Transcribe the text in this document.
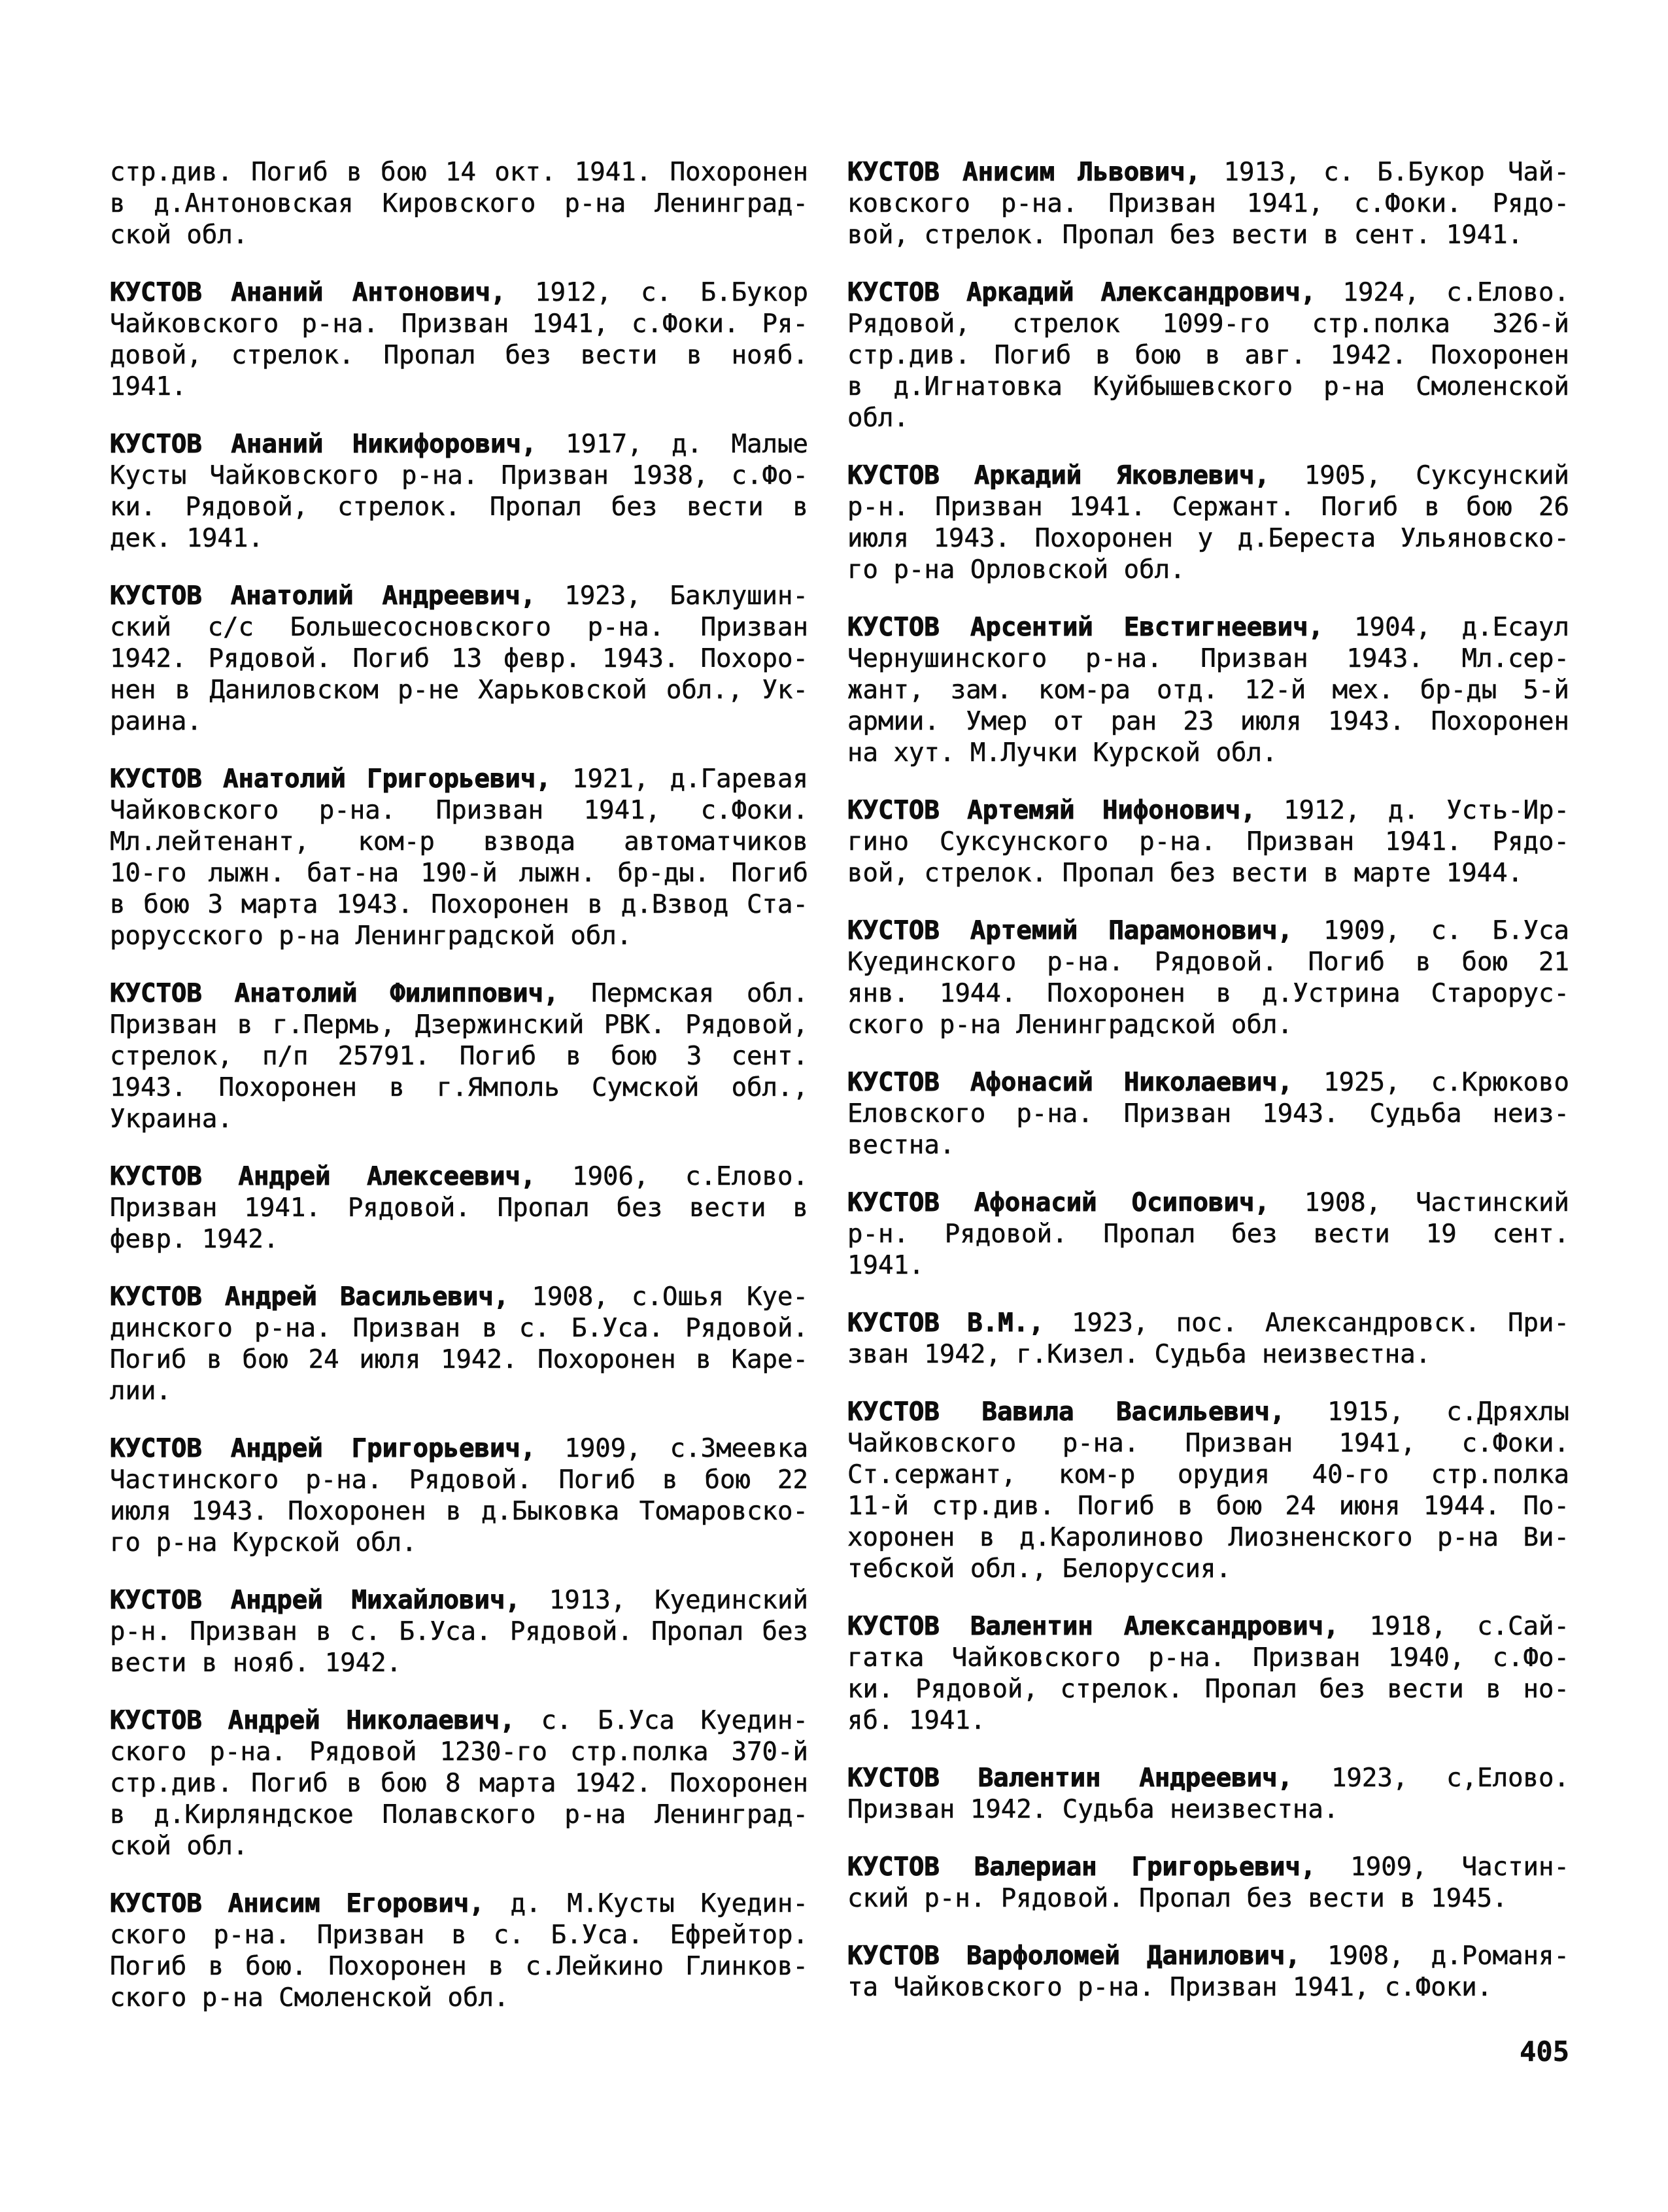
стр.див. Погиб в бою 14 окт. 1941. Похоронен
в д.Антоновская Кировского р-на Ленинград-
ской обл.

КУСТОВ Ананий Антонович, 1912, с. Б.Букор
Чайковского р-на. Призван 1941, с.Фоки. Ря-
довой, стрелок. Пропал без вести в нояб.
1941.

КУСТОВ Ананий Никифорович, 1917, д. Малые
Кусты Чайковского р-на. Призван 1938, с.Фо-
ки. Рядовой, стрелок. Пропал без вести в
дек. 1941.

КУСТОВ Анатолий Андреевич, 1923, Баклушин-
ский с/с Большесосновского р-на. Призван
1942. Рядовой. Погиб 13 февр. 1943. Похоро-
нен в Даниловском р-не Харьковской обл., Ук-
раина.

КУСТОВ Анатолий Григорьевич, 1921, д.Гаревая
Чайковского р-на. Призван 1941, с.Фоки.
Мл.лейтенант, ком-р взвода автоматчиков
10-го лыжн. бат-на 190-й лыжн. бр-ды. Погиб
в бою 3 марта 1943. Похоронен в д.Взвод Ста-
рорусского р-на Ленинградской обл.

КУСТОВ Анатолий Филиппович, Пермская обл.
Призван в г.Пермь, Дзержинский РВК. Рядовой,
стрелок, п/п 25791. Погиб в бою 3 сент.
1943. Похоронен в г.Ямполь Сумской обл.,
Украина.

КУСТОВ Андрей Алексеевич, 1906, с.Елово.
Призван 1941. Рядовой. Пропал без вести в
февр. 1942.

КУСТОВ Андрей Васильевич, 1908, с.Ошья Куе-
динского р-на. Призван в с. Б.Уса. Рядовой.
Погиб в бою 24 июля 1942. Похоронен в Каре-
лии.

КУСТОВ Андрей Григорьевич, 1909, с.Змеевка
Частинского р-на. Рядовой. Погиб в бою 22
июля 1943. Похоронен в д.Быковка Томаровско-
го р-на Курской обл.

КУСТОВ Андрей Михайлович, 1913, Куединский
р-н. Призван в с. Б.Уса. Рядовой. Пропал без
вести в нояб. 1942.

КУСТОВ Андрей Николаевич, с. Б.Уса Куедин-
ского р-на. Рядовой 1230-го стр.полка 370-й
стр.див. Погиб в бою 8 марта 1942. Похоронен
в д.Кирляндское Полавского р-на Ленинград-
ской обл.

КУСТОВ Анисим Егорович, д. М.Кусты Куедин-
ского р-на. Призван в с. Б.Уса. Ефрейтор.
Погиб в бою. Похоронен в с.Лейкино Глинков-
ского р-на Смоленской обл.

КУСТОВ Анисим Львович, 1913, с. Б.Букор Чай-
ковского р-на. Призван 1941, с.Фоки. Рядо-
вой, стрелок. Пропал без вести в сент. 1941.

КУСТОВ Аркадий Александрович, 1924, с.Елово.
Рядовой, стрелок 1099-го стр.полка 326-й
стр.див. Погиб в бою в авг. 1942. Похоронен
в д.Игнатовка Куйбышевского р-на Смоленской
обл.

КУСТОВ Аркадий Яковлевич, 1905, Суксунский
р-н. Призван 1941. Сержант. Погиб в бою 26
июля 1943. Похоронен у д.Береста Ульяновско-
го р-на Орловской обл.

КУСТОВ Арсентий Евстигнеевич, 1904, д.Есаул
Чернушинского р-на. Призван 1943. Мл.сер-
жант, зам. ком-ра отд. 12-й мех. бр-ды 5-й
армии. Умер от ран 23 июля 1943. Похоронен
на хут. М.Лучки Курской обл.

КУСТОВ Артемяй Нифонович, 1912, д. Усть-Ир-
гино Суксунского р-на. Призван 1941. Рядо-
вой, стрелок. Пропал без вести в марте 1944.

КУСТОВ Артемий Парамонович, 1909, с. Б.Уса
Куединского р-на. Рядовой. Погиб в бою 21
янв. 1944. Похоронен в д.Устрина Старорус-
ского р-на Ленинградской обл.

КУСТОВ Афонасий Николаевич, 1925, с.Крюково
Еловского р-на. Призван 1943. Судьба неиз-
вестна.

КУСТОВ Афонасий Осипович, 1908, Частинский
р-н. Рядовой. Пропал без вести 19 сент.
1941.

КУСТОВ В.М., 1923, пос. Александровск. При-
зван 1942, г.Кизел. Судьба неизвестна.

КУСТОВ Вавила Васильевич, 1915, с.Дряхлы
Чайковского р-на. Призван 1941, с.Фоки.
Ст.сержант, ком-р орудия 40-го стр.полка
11-й стр.див. Погиб в бою 24 июня 1944. По-
хоронен в д.Каролиново Лиозненского р-на Ви-
тебской обл., Белоруссия.

КУСТОВ Валентин Александрович, 1918, с.Сай-
гатка Чайковского р-на. Призван 1940, с.Фо-
ки. Рядовой, стрелок. Пропал без вести в но-
яб. 1941.

КУСТОВ Валентин Андреевич, 1923, с,Елово.
Призван 1942. Судьба неизвестна.

КУСТОВ Валериан Григорьевич, 1909, Частин-
ский р-н. Рядовой. Пропал без вести в 1945.

КУСТОВ Варфоломей Данилович, 1908, д.Романя-
та Чайковского р-на. Призван 1941, с.Фоки.

405
